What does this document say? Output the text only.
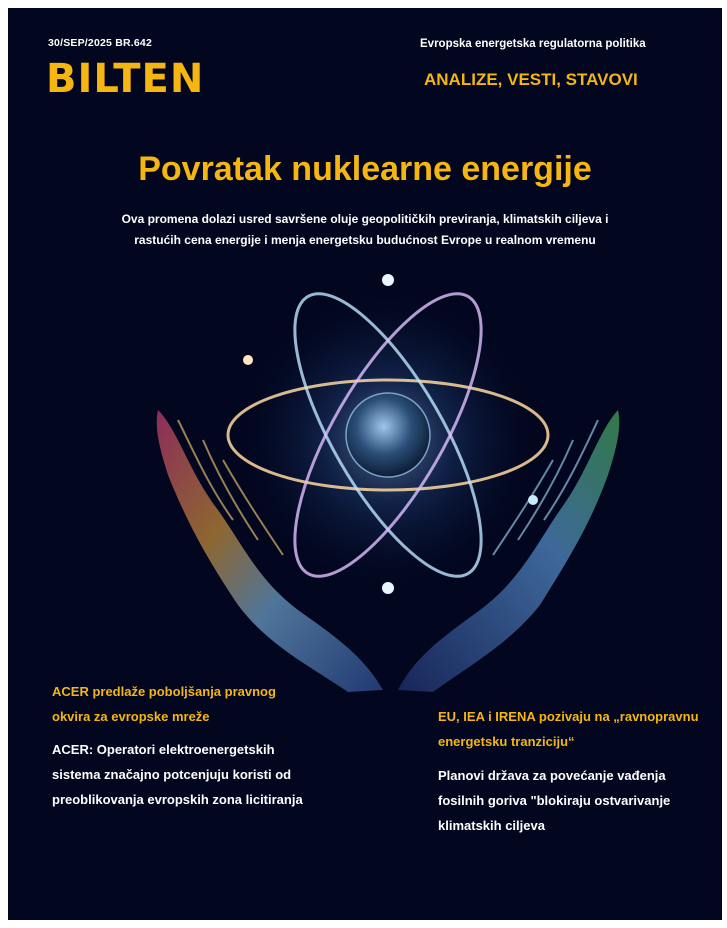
30/SEP/2025 BR.642
BILTEN
Evropska energetska regulatorna politika
ANALIZE, VESTI, STAVOVI
Povratak nuklearne energije
Ova promena dolazi usred savršene oluje geopolitičkih previranja, klimatskih ciljeva i rastućih cena energije i menja energetsku budućnost Evrope u realnom vremenu
ACER predlaže poboljšanja pravnog okvira za evropske mreže
ACER: Operatori elektroenergetskih sistema značajno potcenjuju koristi od preoblikovanja evropskih zona licitiranja
EU, IEA i IRENA pozivaju na „ravnopravnu energetsku tranziciju“
Planovi država za povećanje vađenja fosilnih goriva "blokiraju ostvarivanje klimatskih ciljeva
